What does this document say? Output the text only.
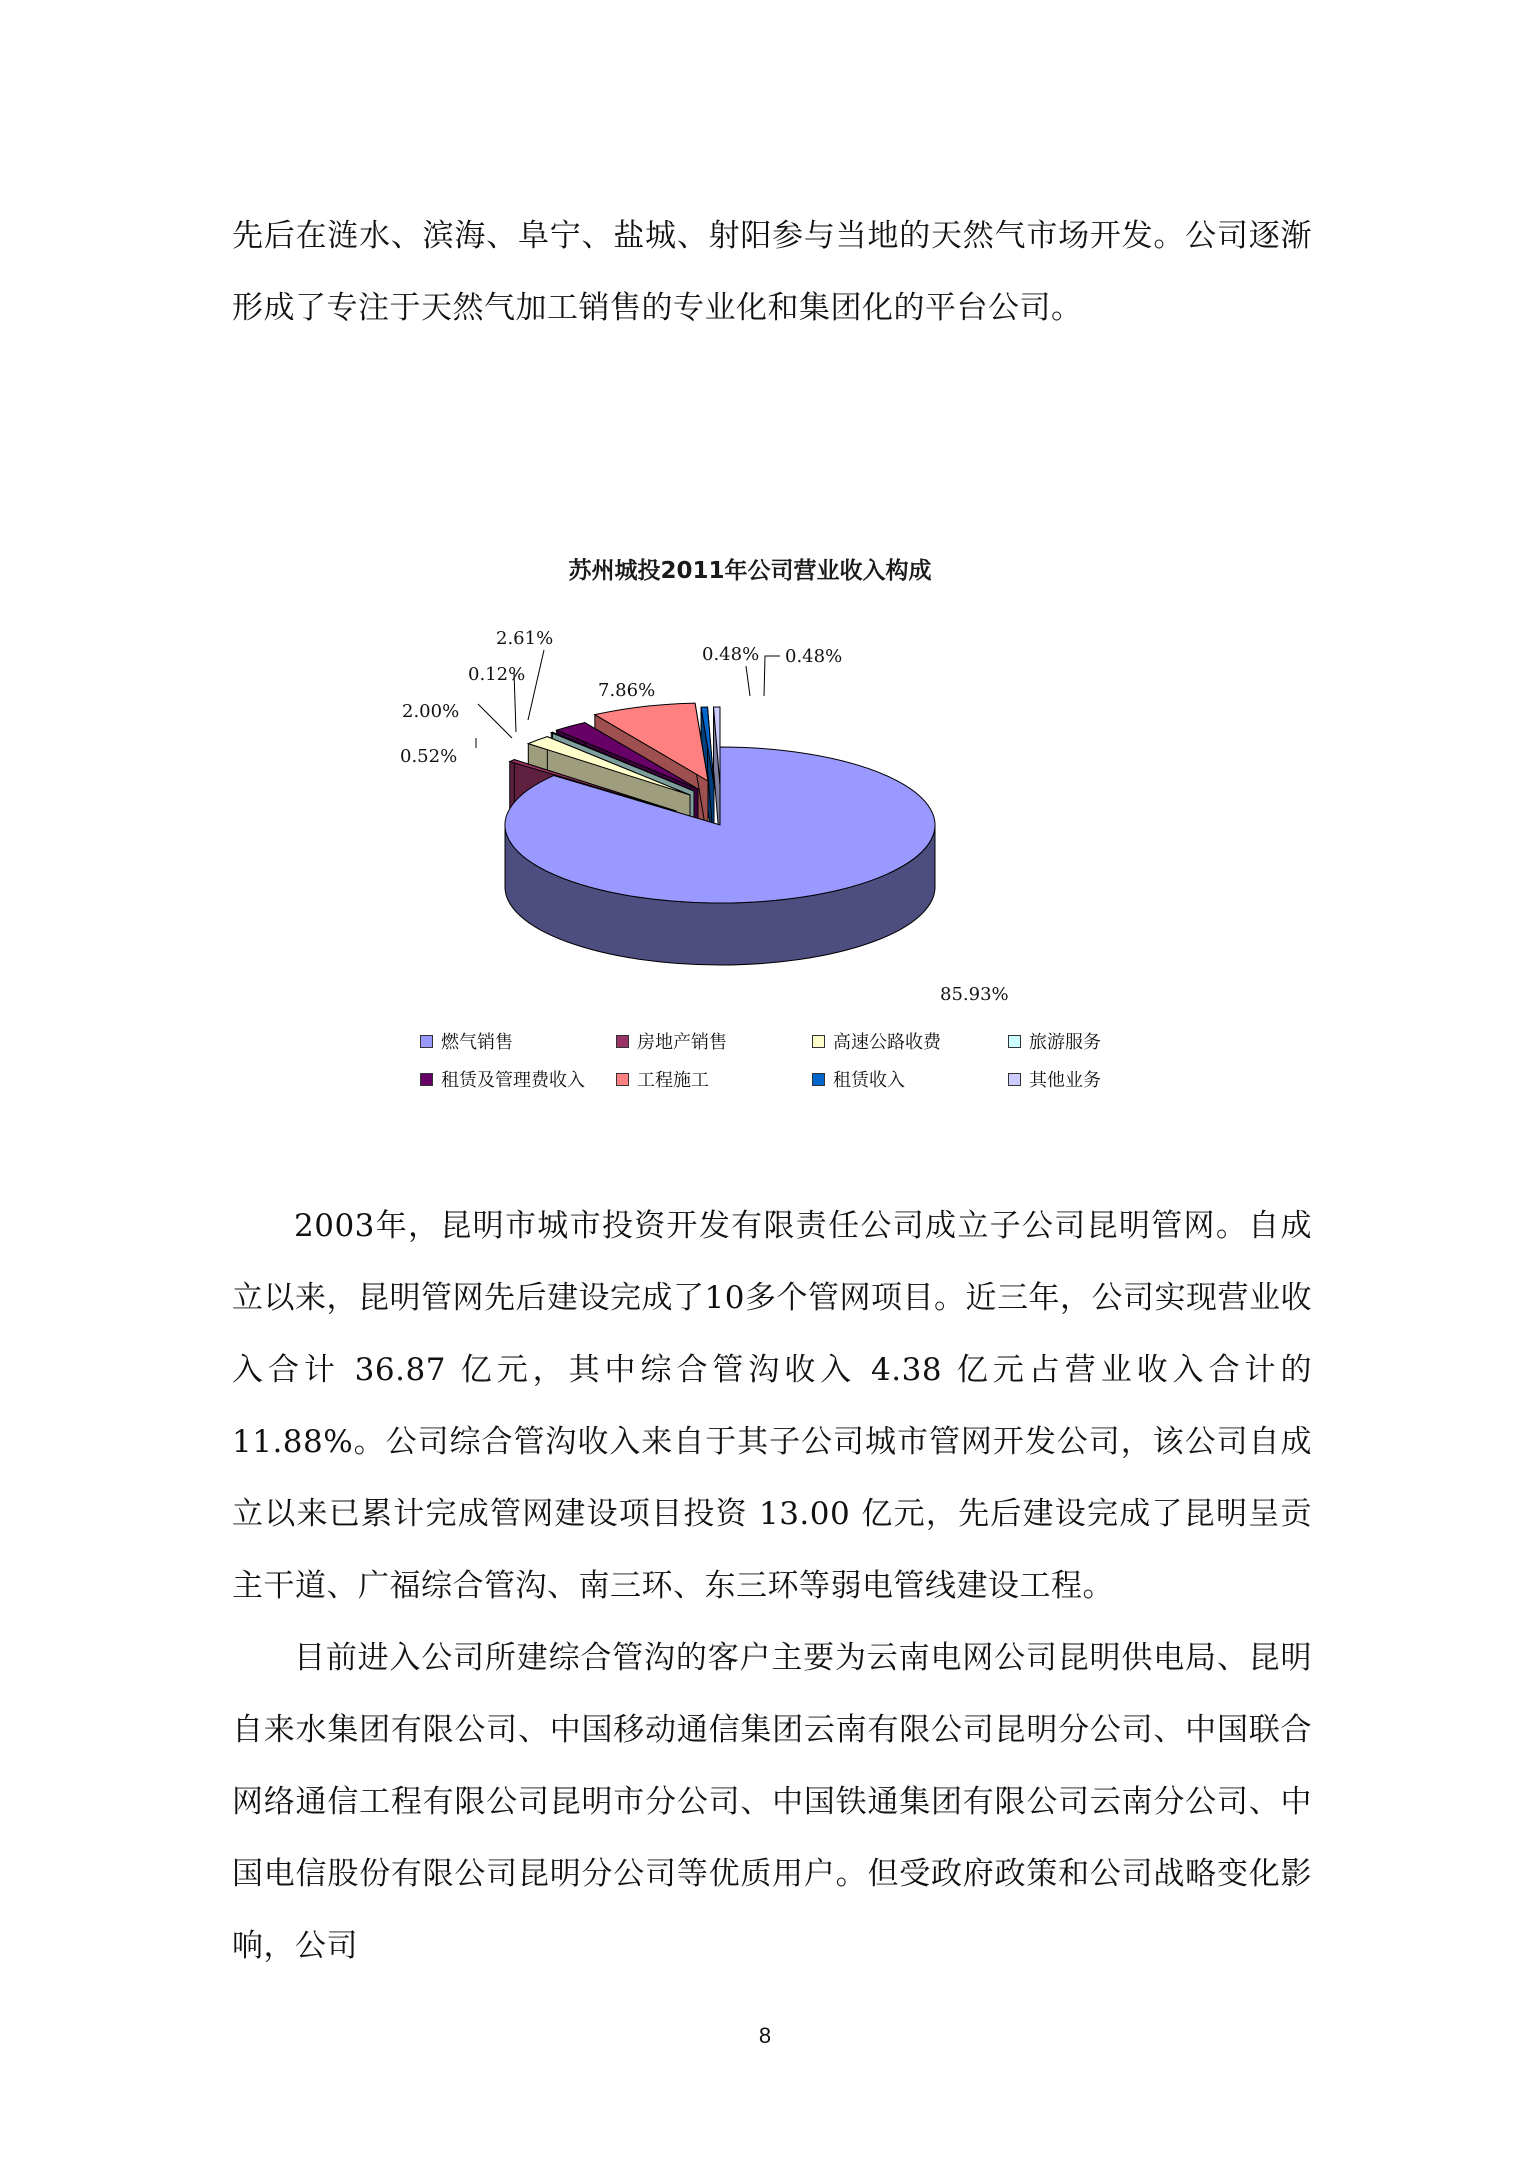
先后在涟水、滨海、阜宁、盐城、射阳参与当地的天然气市场开发。公司逐渐形成了专注于天然气加工销售的专业化和集团化的平台公司。

苏州城投2011年公司营业收入构成
85.93%
0.52%
2.00%
0.12%
2.61%
7.86%
0.48% 0.48%
燃气销售	房地产销售	高速公路收费	旅游服务
租赁及管理费收入	工程施工	租赁收入	其他业务

2003年，昆明市城市投资开发有限责任公司成立子公司昆明管网。自成立以来，昆明管网先后建设完成了10多个管网项目。近三年，公司实现营业收入合计 36.87 亿元，其中综合管沟收入 4.38 亿元占营业收入合计的 11.88%。公司综合管沟收入来自于其子公司城市管网开发公司，该公司自成立以来已累计完成管网建设项目投资 13.00 亿元，先后建设完成了昆明呈贡主干道、广福综合管沟、南三环、东三环等弱电管线建设工程。

目前进入公司所建综合管沟的客户主要为云南电网公司昆明供电局、昆明自来水集团有限公司、中国移动通信集团云南有限公司昆明分公司、中国联合网络通信工程有限公司昆明市分公司、中国铁通集团有限公司云南分公司、中国电信股份有限公司昆明分公司等优质用户。但受政府政策和公司战略变化影响，公司

8
